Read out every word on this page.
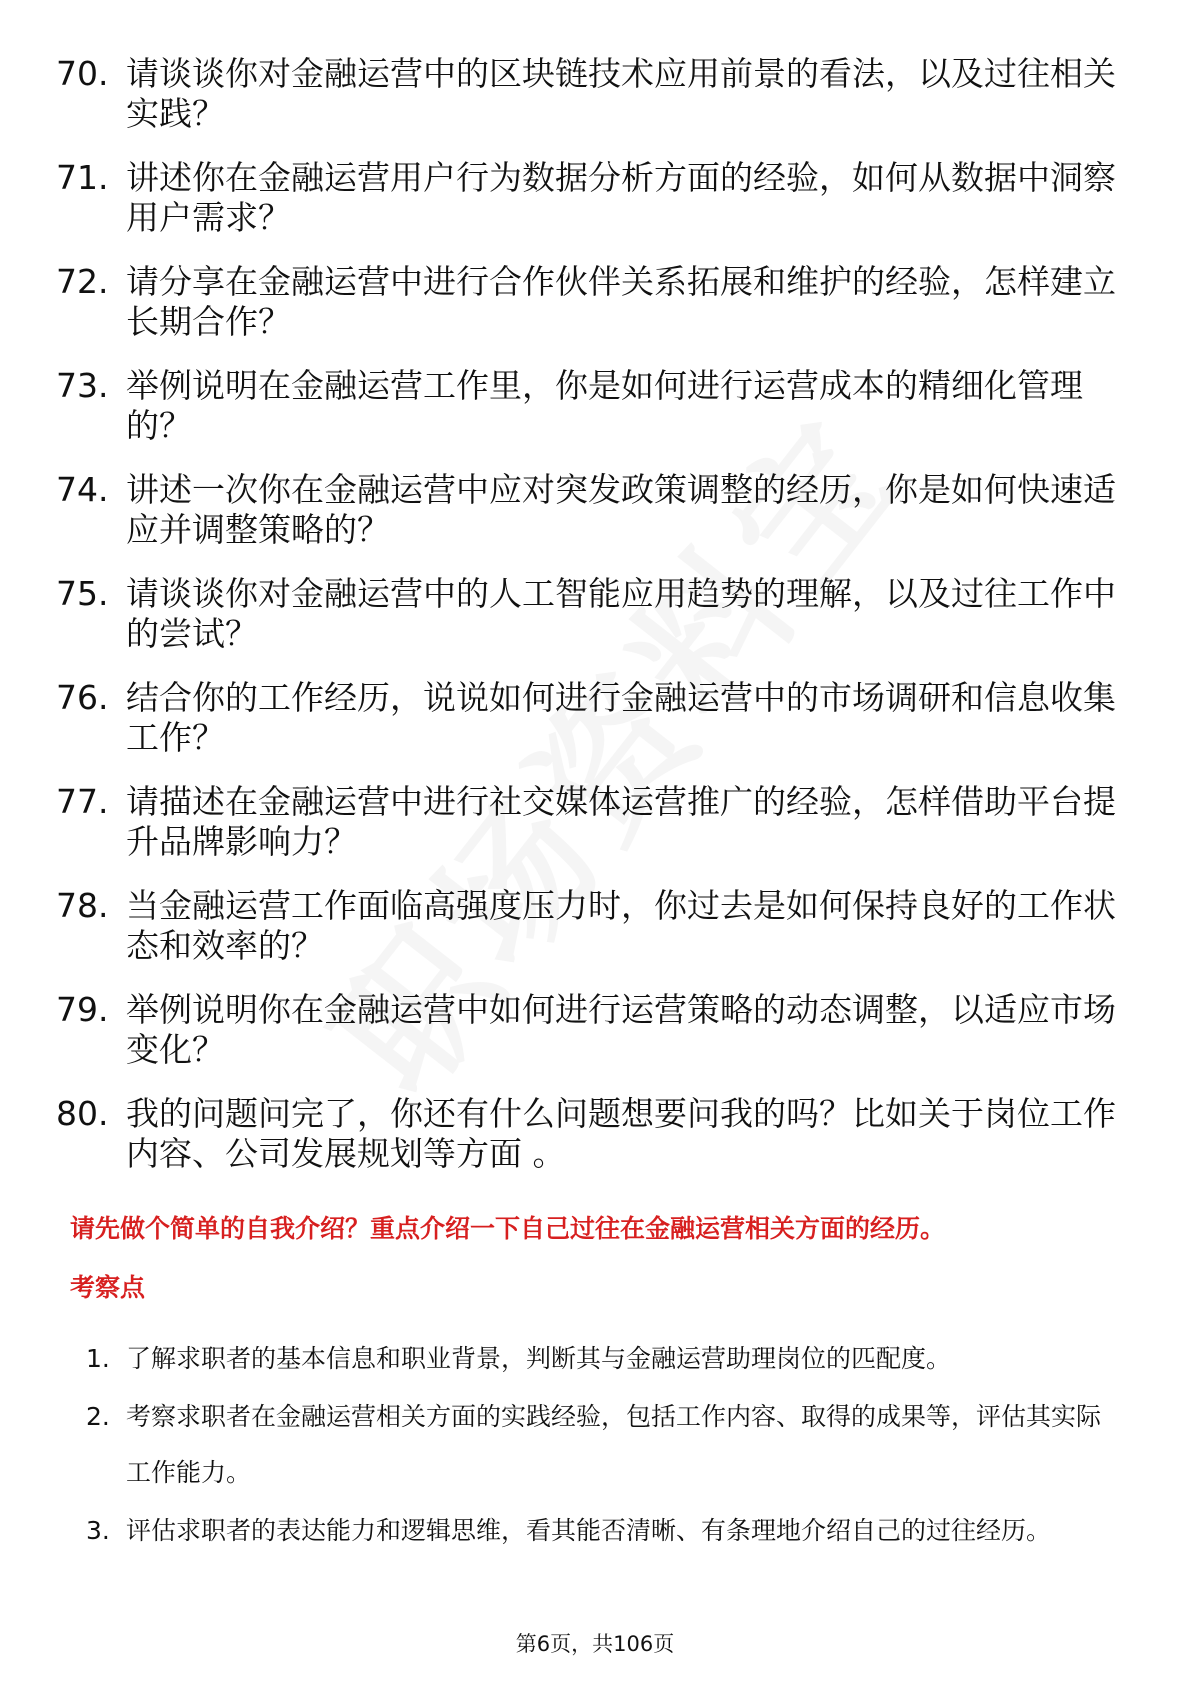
70. 请谈谈你对金融运营中的区块链技术应用前景的看法，以及过往相关实践？
71. 讲述你在金融运营用户行为数据分析方面的经验，如何从数据中洞察用户需求？
72. 请分享在金融运营中进行合作伙伴关系拓展和维护的经验，怎样建立长期合作？
73. 举例说明在金融运营工作里，你是如何进行运营成本的精细化管理的？
74. 讲述一次你在金融运营中应对突发政策调整的经历，你是如何快速适应并调整策略的？
75. 请谈谈你对金融运营中的人工智能应用趋势的理解，以及过往工作中的尝试？
76. 结合你的工作经历，说说如何进行金融运营中的市场调研和信息收集工作？
77. 请描述在金融运营中进行社交媒体运营推广的经验，怎样借助平台提升品牌影响力？
78. 当金融运营工作面临高强度压力时，你过去是如何保持良好的工作状态和效率的？
79. 举例说明你在金融运营中如何进行运营策略的动态调整，以适应市场变化？
80. 我的问题问完了，你还有什么问题想要问我的吗？比如关于岗位工作内容、公司发展规划等方面 。
请先做个简单的自我介绍？重点介绍一下自己过往在金融运营相关方面的经历。
考察点
1. 了解求职者的基本信息和职业背景，判断其与金融运营助理岗位的匹配度。
2. 考察求职者在金融运营相关方面的实践经验，包括工作内容、取得的成果等，评估其实际工作能力。
3. 评估求职者的表达能力和逻辑思维，看其能否清晰、有条理地介绍自己的过往经历。
第6页，共106页
